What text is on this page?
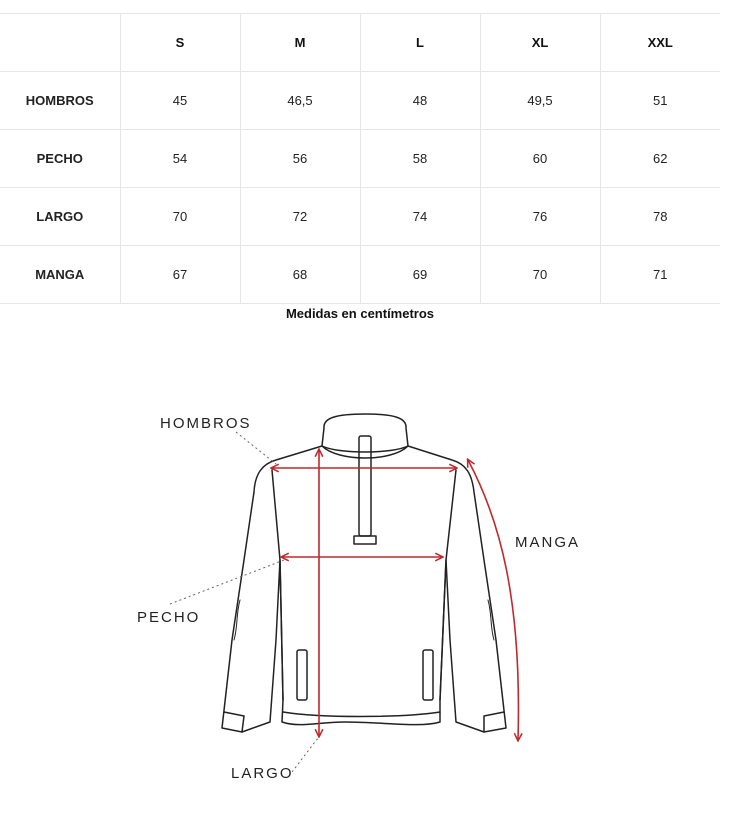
	S	M	L	XL	XXL
HOMBROS	45	46,5	48	49,5	51
PECHO	54	56	58	60	62
LARGO	70	72	74	76	78
MANGA	67	68	69	70	71
Medidas en centímetros
HOMBROS
PECHO
LARGO
MANGA
